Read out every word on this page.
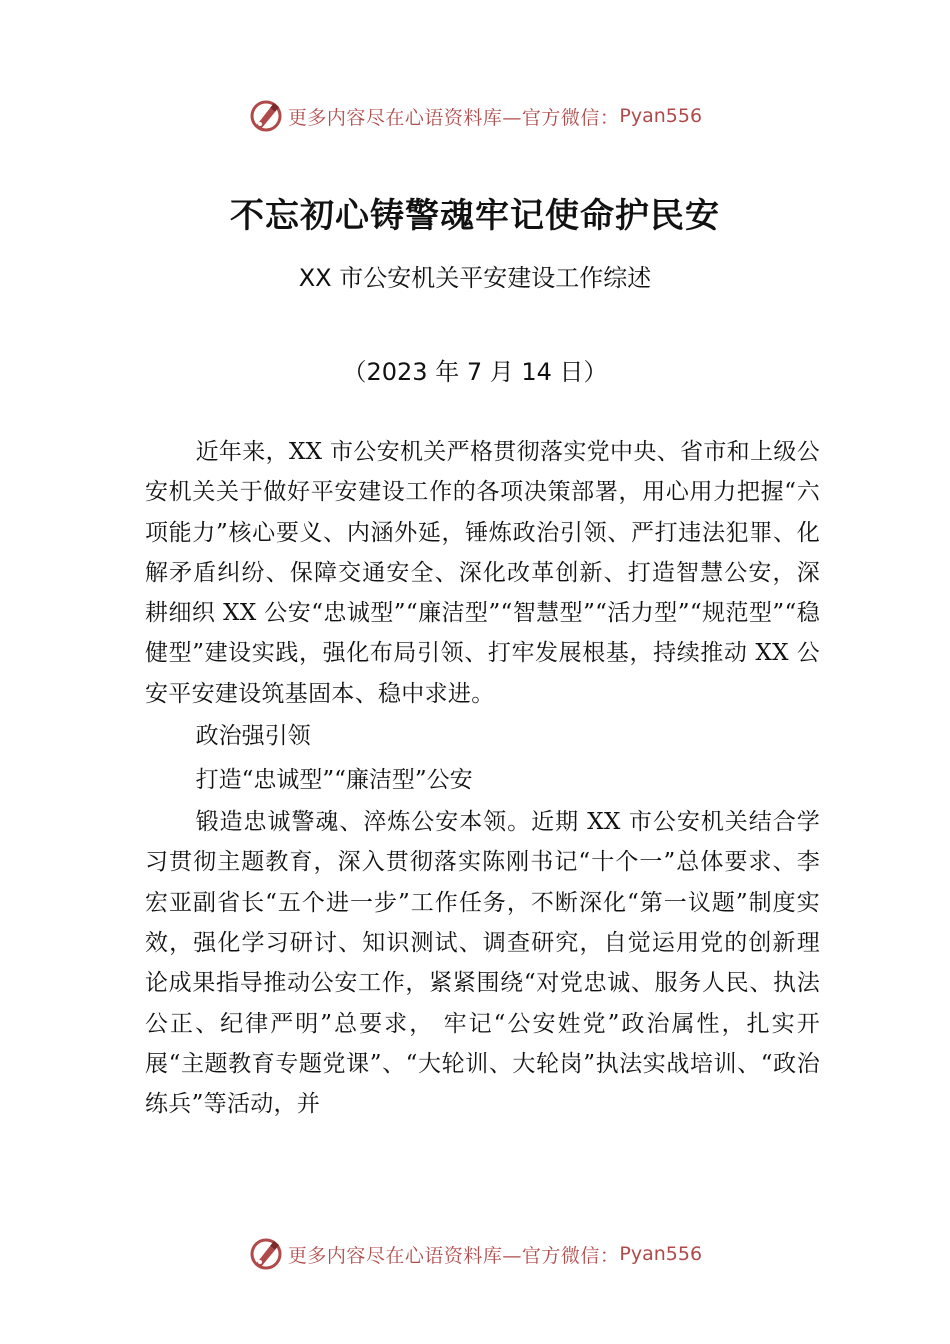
更多内容尽在心语资料库—官方微信： Pyan556
不忘初心铸警魂牢记使命护民安
XX 市公安机关平安建设工作综述
（2023 年 7 月 14 日）

近年来，XX 市公安机关严格贯彻落实党中央、省市和上级公安机关关于做好平安建设工作的各项决策部署，用心用力把握“六项能力”核心要义、内涵外延，锤炼政治引领、严打违法犯罪、化解矛盾纠纷、保障交通安全、深化改革创新、打造智慧公安，深耕细织 XX 公安“忠诚型”“廉洁型”“智慧型”“活力型”“规范型”“稳健型”建设实践，强化布局引领、打牢发展根基，持续推动 XX 公安平安建设筑基固本、稳中求进。

政治强引领

打造“忠诚型”“廉洁型”公安

锻造忠诚警魂、淬炼公安本领。近期 XX 市公安机关结合学习贯彻主题教育，深入贯彻落实陈刚书记“十个一”总体要求、李宏亚副省长“五个进一步”工作任务，不断深化“第一议题”制度实效，强化学习研讨、知识测试、调查研究，自觉运用党的创新理论成果指导推动公安工作，紧紧围绕“对党忠诚、服务人民、执法公正、纪律严明”总要求， 牢记“公安姓党”政治属性，扎实开展“主题教育专题党课”、“大轮训、大轮岗”执法实战培训、“政治练兵”等活动，并

更多内容尽在心语资料库—官方微信： Pyan556
